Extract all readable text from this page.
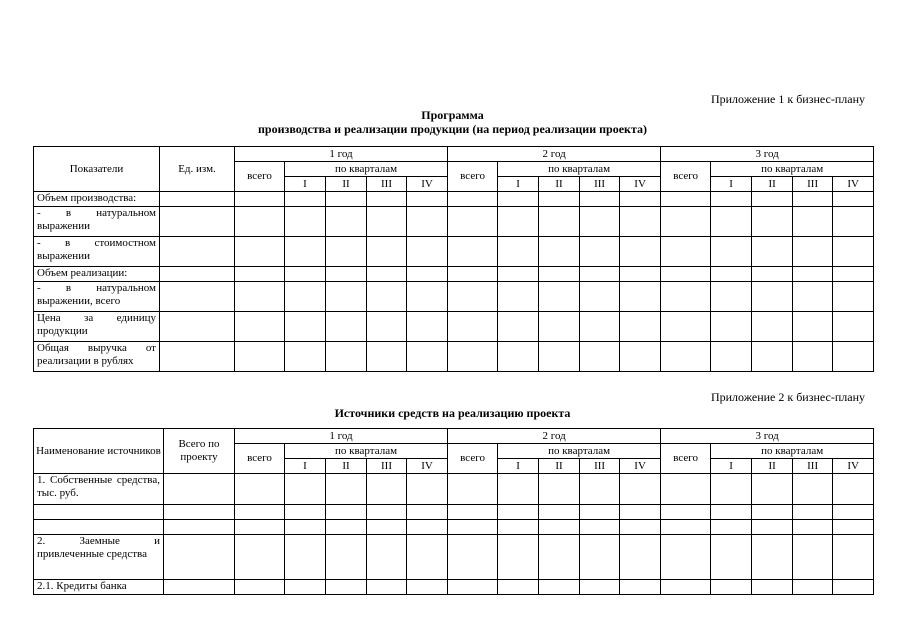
Приложение 1 к бизнес-плану
Программа
производства и реализации продукции (на период реализации проекта)
Показатели	Ед. изм.	1 год					2 год					3 год				
		всего	по кварталам				всего	по кварталам				всего	по кварталам			
			I	II	III	IV		I	II	III	IV		I	II	III	IV
Объем производства:																
- в натуральном выражении																
- в стоимостном выражении																
Объем реализации:																
- в натуральном выражении, всего																
Цена за единицу продукции																
Общая выручка от реализации в рублях																
Приложение 2 к бизнес-плану
Источники средств на реализацию проекта
Наименование источников	Всего по проекту	1 год					2 год					3 год				
		всего	по кварталам				всего	по кварталам				всего	по кварталам			
			I	II	III	IV		I	II	III	IV		I	II	III	IV
1. Собственные средства, тыс. руб.																

2. Заемные и привлеченные средства																
2.1. Кредиты банка																
